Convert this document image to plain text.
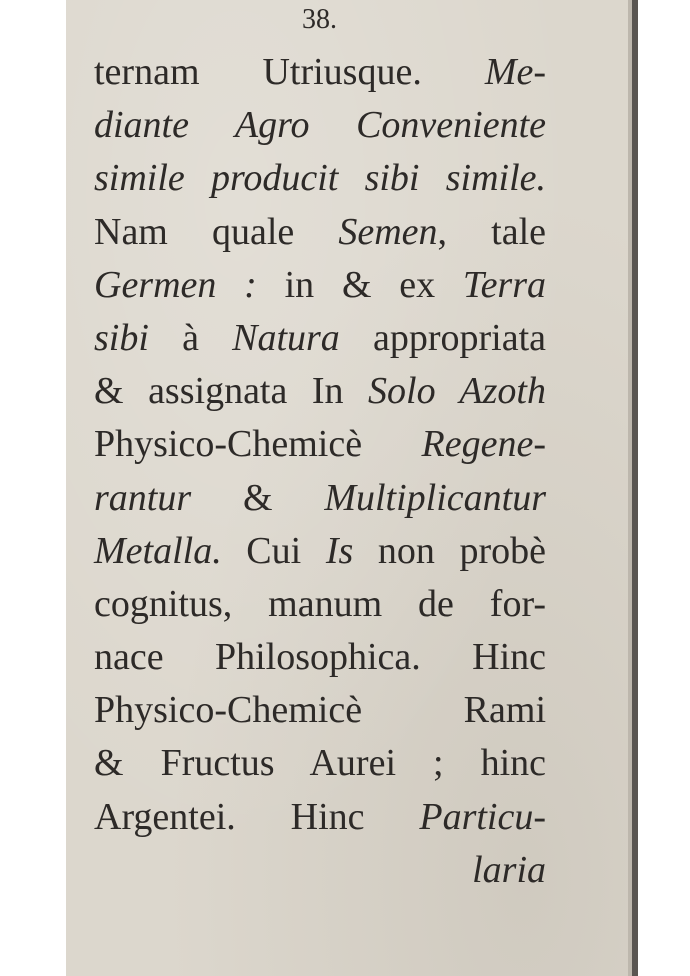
38.
ternam Utriusque. Me-
diante Agro Conveniente
simile producit sibi simile.
Nam quale Semen, tale
Germen : in & ex Terra
sibi à Natura appropriata
& assignata In Solo Azoth
Physico-Chemicè Regene-
rantur & Multiplicantur
Metalla. Cui Is non probè
cognitus, manum de for-
nace Philosophica. Hinc
Physico-Chemicè Rami
& Fructus Aurei ; hinc
Argentei. Hinc Particu-
laria
